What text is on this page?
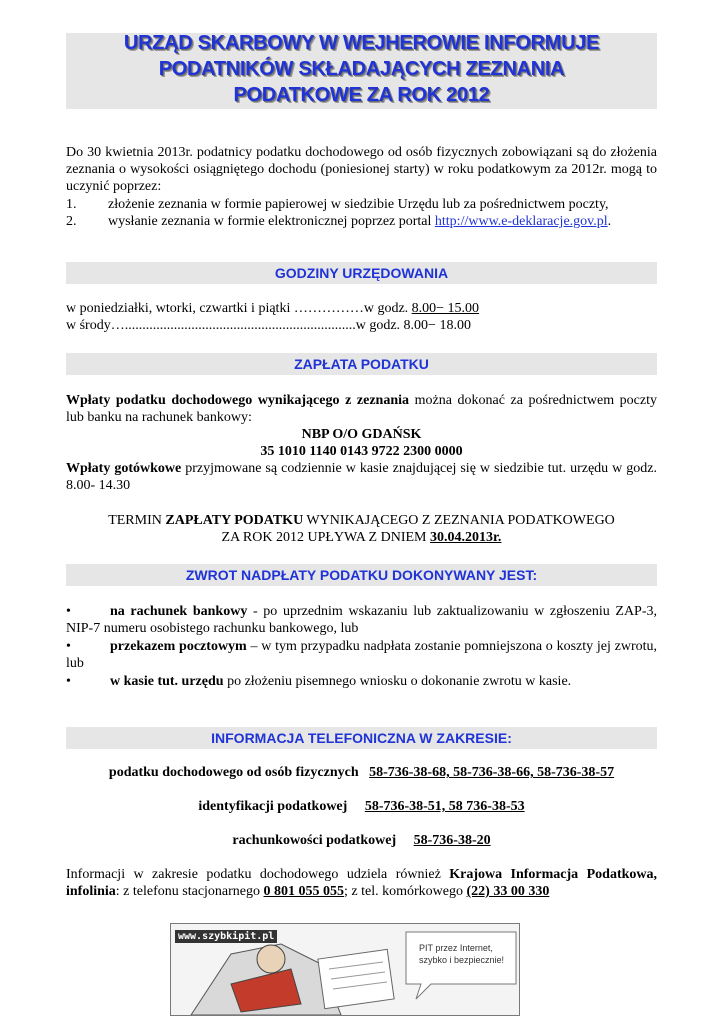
URZĄD SKARBOWY W WEJHEROWIE INFORMUJE
PODATNIKÓW SKŁADAJĄCYCH ZEZNANIA
PODATKOWE ZA ROK 2012
Do 30 kwietnia 2013r. podatnicy podatku dochodowego od osób fizycznych zobowiązani są do złożenia zeznania o wysokości osiągniętego dochodu (poniesionej starty) w roku podatkowym za 2012r. mogą to uczynić poprzez:
1. złożenie zeznania w formie papierowej w siedzibie Urzędu lub za pośrednictwem poczty,
2. wysłanie zeznania w formie elektronicznej poprzez portal http://www.e-deklaracje.gov.pl.
GODZINY URZĘDOWANIA
w poniedziałki, wtorki, czwartki i piątki ……………w godz. 8.00− 15.00
w środy…..................................................................w godz. 8.00− 18.00
ZAPŁATA PODATKU
Wpłaty podatku dochodowego wynikającego z zeznania można dokonać za pośrednictwem poczty lub banku na rachunek bankowy:
NBP O/O GDAŃSK
35 1010 1140 0143 9722 2300 0000
Wpłaty gotówkowe przyjmowane są codziennie w kasie znajdującej się w siedzibie tut. urzędu w godz. 8.00- 14.30
TERMIN ZAPŁATY PODATKU WYNIKAJĄCEGO Z ZEZNANIA PODATKOWEGO
ZA ROK 2012 UPŁYWA Z DNIEM 30.04.2013r.
ZWROT NADPŁATY PODATKU DOKONYWANY JEST:
•	na rachunek bankowy - po uprzednim wskazaniu lub zaktualizowaniu w zgłoszeniu ZAP-3, NIP-7 numeru osobistego rachunku bankowego, lub
•	przekazem pocztowym – w tym przypadku nadpłata zostanie pomniejszona o koszty jej zwrotu, lub
•	w kasie tut. urzędu po złożeniu pisemnego wniosku o dokonanie zwrotu w kasie.
INFORMACJA TELEFONICZNA W ZAKRESIE:
podatku dochodowego od osób fizycznych   58-736-38-68, 58-736-38-66, 58-736-38-57
identyfikacji podatkowej     58-736-38-51, 58 736-38-53
rachunkowości podatkowej     58-736-38-20
Informacji w zakresie podatku dochodowego udziela również Krajowa Informacja Podatkowa, infolinia: z telefonu stacjonarnego 0 801 055 055; z tel. komórkowego (22) 33 00 330
www.szybkipit.pl
PIT przez Internet, szybko i bezpiecznie!
